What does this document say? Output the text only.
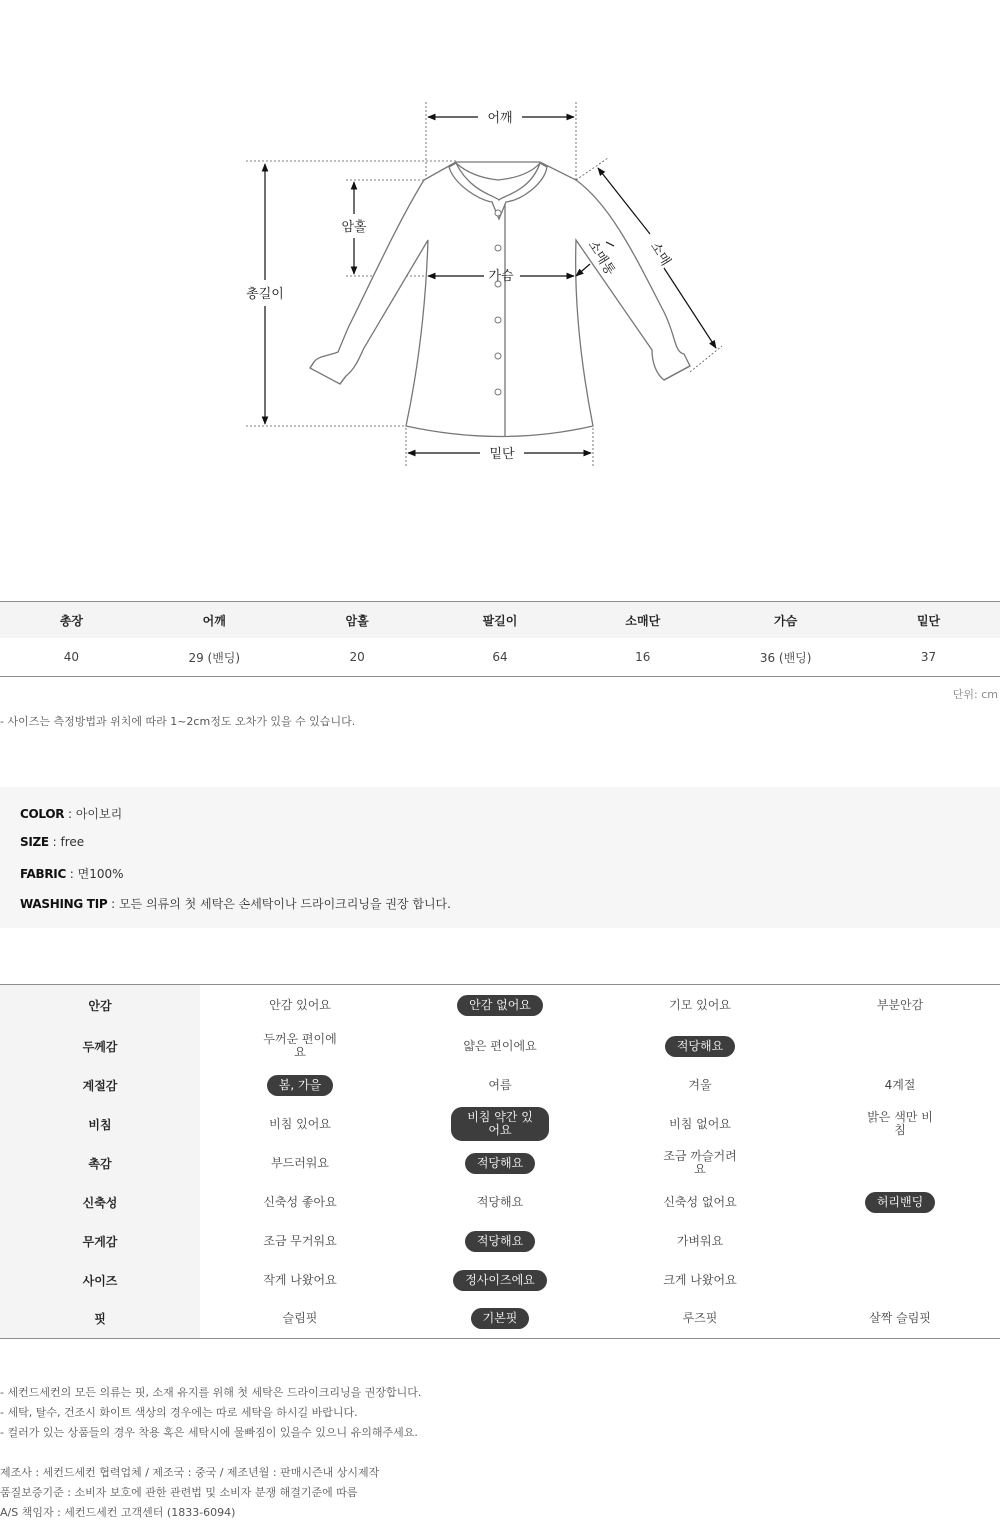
어깨
암홀
총길이
가슴
밑단
소매
소매통
총장	어깨	암홀	팔길이	소매단	가슴	밑단
40	29 (밴딩)	20	64	16	36 (밴딩)	37
단위: cm
- 사이즈는 측정방법과 위치에 따라 1~2cm정도 오차가 있을 수 있습니다.
COLOR : 아이보리
SIZE : free
FABRIC : 면100%
WASHING TIP : 모든 의류의 첫 세탁은 손세탁이나 드라이크리닝을 권장 합니다.
안감	안감 있어요	안감 없어요	기모 있어요	부분안감
두께감	두꺼운 편이에요	얇은 편이에요	적당해요	
계절감	봄, 가을	여름	겨울	4계절
비침	비침 있어요	비침 약간 있어요	비침 없어요	밝은 색만 비침
촉감	부드러워요	적당해요	조금 까슬거려요	
신축성	신축성 좋아요	적당해요	신축성 없어요	허리밴딩
무게감	조금 무거워요	적당해요	가벼워요	
사이즈	작게 나왔어요	정사이즈에요	크게 나왔어요	
핏	슬림핏	기본핏	루즈핏	살짝 슬림핏
- 세컨드세컨의 모든 의류는 핏, 소재 유지를 위해 첫 세탁은 드라이크리닝을 권장합니다.
- 세탁, 탈수, 건조시 화이트 색상의 경우에는 따로 세탁을 하시길 바랍니다.
- 컬러가 있는 상품들의 경우 착용 혹은 세탁시에 물빠짐이 있을수 있으니 유의해주세요.
제조사 : 세컨드세컨 협력업체 / 제조국 : 중국 / 제조년월 : 판매시즌내 상시제작
품질보증기준 : 소비자 보호에 관한 관련법 및 소비자 분쟁 해결기준에 따름
A/S 책임자 : 세컨드세컨 고객센터 (1833-6094)
